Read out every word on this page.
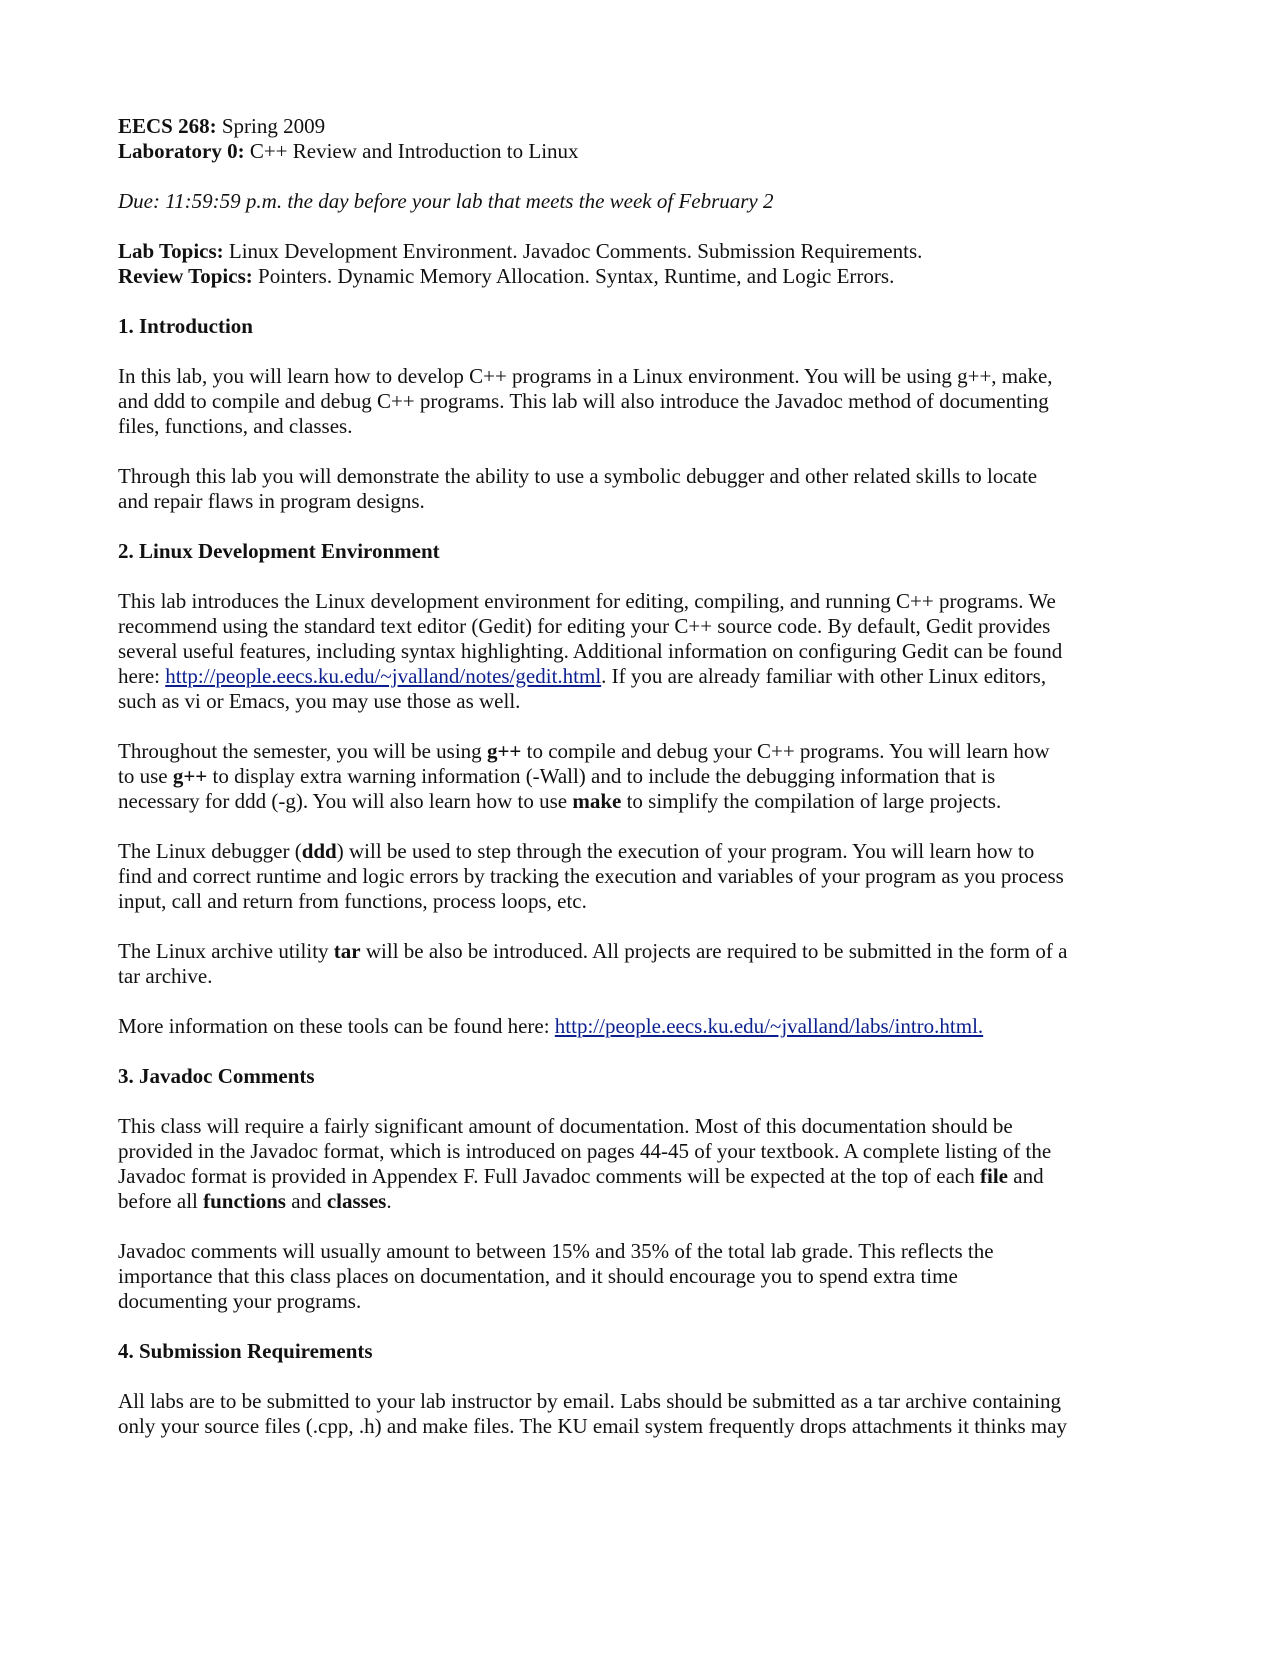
EECS 268: Spring 2009
Laboratory 0: C++ Review and Introduction to Linux
Due: 11:59:59 p.m. the day before your lab that meets the week of February 2
Lab Topics: Linux Development Environment. Javadoc Comments. Submission Requirements.
Review Topics: Pointers. Dynamic Memory Allocation. Syntax, Runtime, and Logic Errors.
1. Introduction
In this lab, you will learn how to develop C++ programs in a Linux environment. You will be using g++, make,
and ddd to compile and debug C++ programs. This lab will also introduce the Javadoc method of documenting
files, functions, and classes.
Through this lab you will demonstrate the ability to use a symbolic debugger and other related skills to locate
and repair flaws in program designs.
2. Linux Development Environment
This lab introduces the Linux development environment for editing, compiling, and running C++ programs. We
recommend using the standard text editor (Gedit) for editing your C++ source code. By default, Gedit provides
several useful features, including syntax highlighting. Additional information on configuring Gedit can be found
here: http://people.eecs.ku.edu/~jvalland/notes/gedit.html. If you are already familiar with other Linux editors,
such as vi or Emacs, you may use those as well.
Throughout the semester, you will be using g++ to compile and debug your C++ programs. You will learn how
to use g++ to display extra warning information (-Wall) and to include the debugging information that is
necessary for ddd (-g). You will also learn how to use make to simplify the compilation of large projects.
The Linux debugger (ddd) will be used to step through the execution of your program. You will learn how to
find and correct runtime and logic errors by tracking the execution and variables of your program as you process
input, call and return from functions, process loops, etc.
The Linux archive utility tar will be also be introduced. All projects are required to be submitted in the form of a
tar archive.
More information on these tools can be found here: http://people.eecs.ku.edu/~jvalland/labs/intro.html.
3. Javadoc Comments
This class will require a fairly significant amount of documentation. Most of this documentation should be
provided in the Javadoc format, which is introduced on pages 44-45 of your textbook. A complete listing of the
Javadoc format is provided in Appendex F. Full Javadoc comments will be expected at the top of each file and
before all functions and classes.
Javadoc comments will usually amount to between 15% and 35% of the total lab grade. This reflects the
importance that this class places on documentation, and it should encourage you to spend extra time
documenting your programs.
4. Submission Requirements
All labs are to be submitted to your lab instructor by email. Labs should be submitted as a tar archive containing
only your source files (.cpp, .h) and make files. The KU email system frequently drops attachments it thinks may
